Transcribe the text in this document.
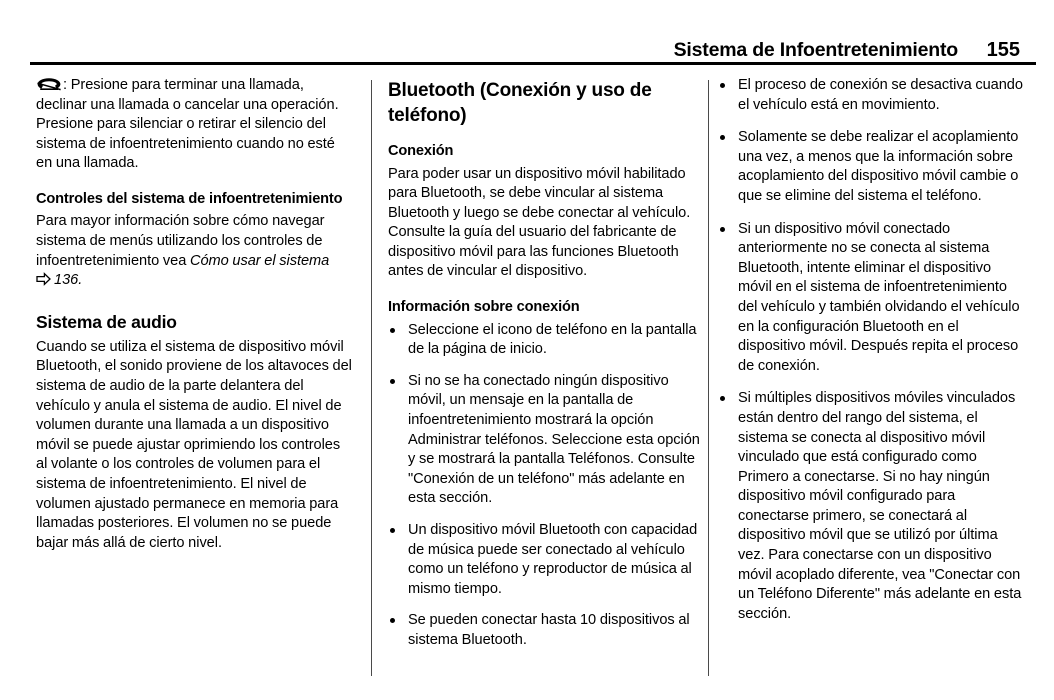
Sistema de Infoentretenimiento 155

: Presione para terminar una llamada, declinar una llamada o cancelar una operación. Presione para silenciar o retirar el silencio del sistema de infoentretenimiento cuando no esté en una llamada.

Controles del sistema de infoentretenimiento

Para mayor información sobre cómo navegar sistema de menús utilizando los controles de infoentretenimiento vea Cómo usar el sistema
136.

Sistema de audio

Cuando se utiliza el sistema de dispositivo móvil Bluetooth, el sonido proviene de los altavoces del sistema de audio de la parte delantera del vehículo y anula el sistema de audio. El nivel de volumen durante una llamada a un dispositivo móvil se puede ajustar oprimiendo los controles al volante o los controles de volumen para el sistema de infoentretenimiento. El nivel de volumen ajustado permanece en memoria para llamadas posteriores. El volumen no se puede bajar más allá de cierto nivel.

Bluetooth (Conexión y uso de teléfono)
Conexión

Para poder usar un dispositivo móvil habilitado para Bluetooth, se debe vincular al sistema Bluetooth y luego se debe conectar al vehículo. Consulte la guía del usuario del fabricante de dispositivo móvil para las funciones Bluetooth antes de vincular el dispositivo.

Información sobre conexión
Seleccione el icono de teléfono en la pantalla de la página de inicio.
Si no se ha conectado ningún dispositivo móvil, un mensaje en la pantalla de infoentretenimiento mostrará la opción Administrar teléfonos. Seleccione esta opción y se mostrará la pantalla Teléfonos. Consulte "Conexión de un teléfono" más adelante en esta sección.
Un dispositivo móvil Bluetooth con capacidad de música puede ser conectado al vehículo como un teléfono y reproductor de música al mismo tiempo.
Se pueden conectar hasta 10 dispositivos al sistema Bluetooth.
El proceso de conexión se desactiva cuando el vehículo está en movimiento.
Solamente se debe realizar el acoplamiento una vez, a menos que la información sobre acoplamiento del dispositivo móvil cambie o que se elimine del sistema el teléfono.
Si un dispositivo móvil conectado anteriormente no se conecta al sistema Bluetooth, intente eliminar el dispositivo móvil en el sistema de infoentretenimiento del vehículo y también olvidando el vehículo en la configuración Bluetooth en el dispositivo móvil. Después repita el proceso de conexión.
Si múltiples dispositivos móviles vinculados están dentro del rango del sistema, el sistema se conecta al dispositivo móvil vinculado que está configurado como Primero a conectarse. Si no hay ningún dispositivo móvil configurado para conectarse primero, se conectará al dispositivo móvil que se utilizó por última vez. Para conectarse con un dispositivo móvil acoplado diferente, vea "Conectar con un Teléfono Diferente" más adelante en esta sección.
